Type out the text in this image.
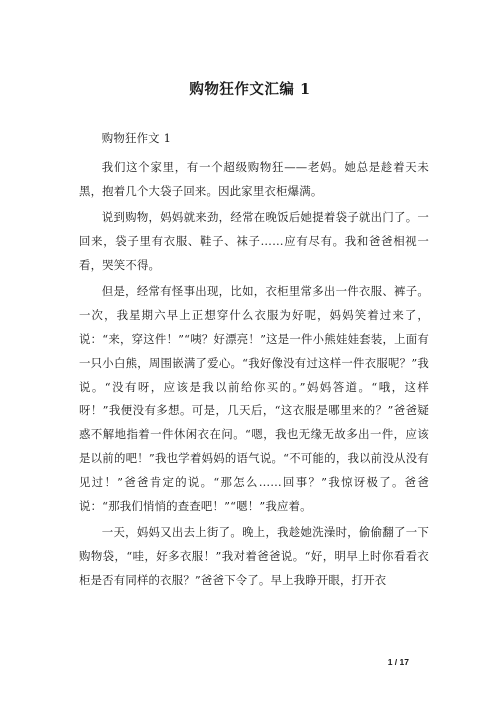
购物狂作文汇编 1

购物狂作文 1

我们这个家里，有一个超级购物狂——老妈。她总是趁着天未黑，抱着几个大袋子回来。因此家里衣柜爆满。

说到购物，妈妈就来劲，经常在晚饭后她提着袋子就出门了。一回来，袋子里有衣服、鞋子、袜子……应有尽有。我和爸爸相视一看，哭笑不得。

但是，经常有怪事出现，比如，衣柜里常多出一件衣服、裤子。一次，我星期六早上正想穿什么衣服为好呢，妈妈笑着过来了，说：“来，穿这件！”“咦？好漂亮！”这是一件小熊娃娃套装，上面有一只小白熊，周围嵌满了爱心。“我好像没有过这样一件衣服呢？”我说。“没有呀，应该是我以前给你买的。”妈妈答道。“哦，这样呀！”我便没有多想。可是，几天后，“这衣服是哪里来的？”爸爸疑惑不解地指着一件休闲衣在问。“嗯，我也无缘无故多出一件，应该是以前的吧！”我也学着妈妈的语气说。“不可能的，我以前没从没有见过！”爸爸肯定的说。“那怎么……回事？”我惊讶极了。爸爸说：“那我们悄悄的查查吧！”“嗯！”我应着。

一天，妈妈又出去上街了。晚上，我趁她洗澡时，偷偷翻了一下购物袋，“哇，好多衣服！”我对着爸爸说。“好，明早上时你看看衣柜是否有同样的衣服？”爸爸下令了。早上我睁开眼，打开衣

1 / 17
